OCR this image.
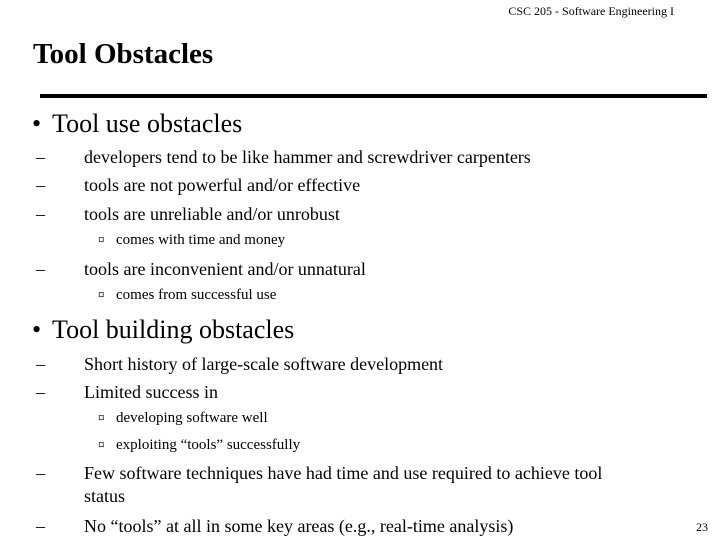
CSC 205 - Software Engineering I
Tool Obstacles
• Tool use obstacles
– developers tend to be like hammer and screwdriver carpenters
– tools are not powerful and/or effective
– tools are unreliable and/or unrobust
¤ comes with time and money
– tools are inconvenient and/or unnatural
¤ comes from successful use
• Tool building obstacles
– Short history of large-scale software development
– Limited success in
¤ developing software well
¤ exploiting “tools” successfully
–	Few software techniques have had time and use required to achieve tool status
– No “tools” at all in some key areas (e.g., real-time analysis)	23
